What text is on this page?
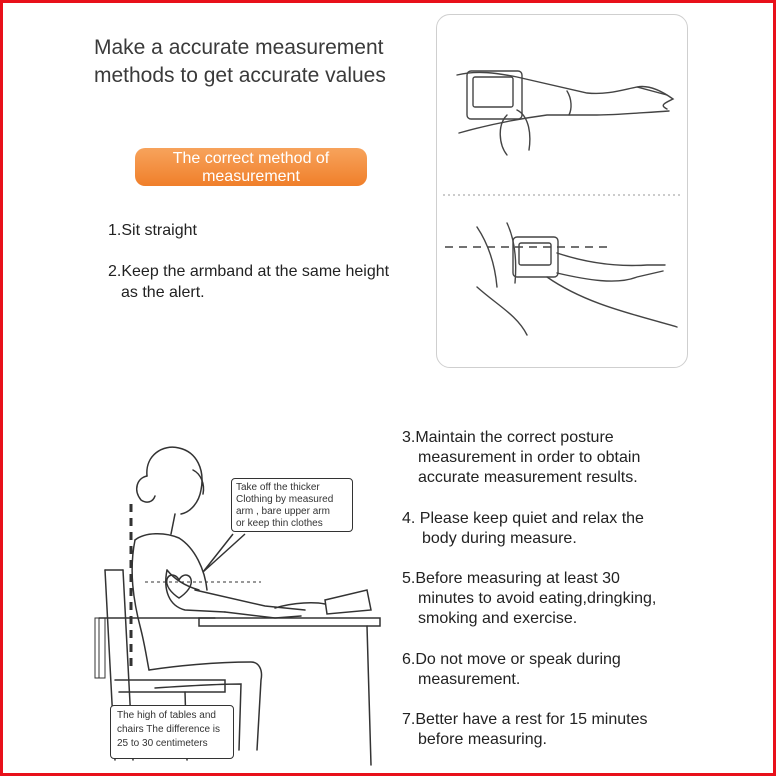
Make a accurate measurement
methods to get accurate values
The correct method of
measurement
1.Sit straight
2.Keep the armband at the same height
as the alert.
Take off the thicker
Clothing by measured
arm , bare upper arm
or keep thin clothes
The high of tables and
chairs The difference is
25 to 30 centimeters
3.Maintain the correct posture
measurement in order to obtain
accurate measurement results.
4. Please keep quiet and relax the
body during measure.
5.Before measuring at least 30
minutes to avoid eating,dringking,
smoking and exercise.
6.Do not move or speak during
measurement.
7.Better have a rest for 15 minutes
before measuring.
